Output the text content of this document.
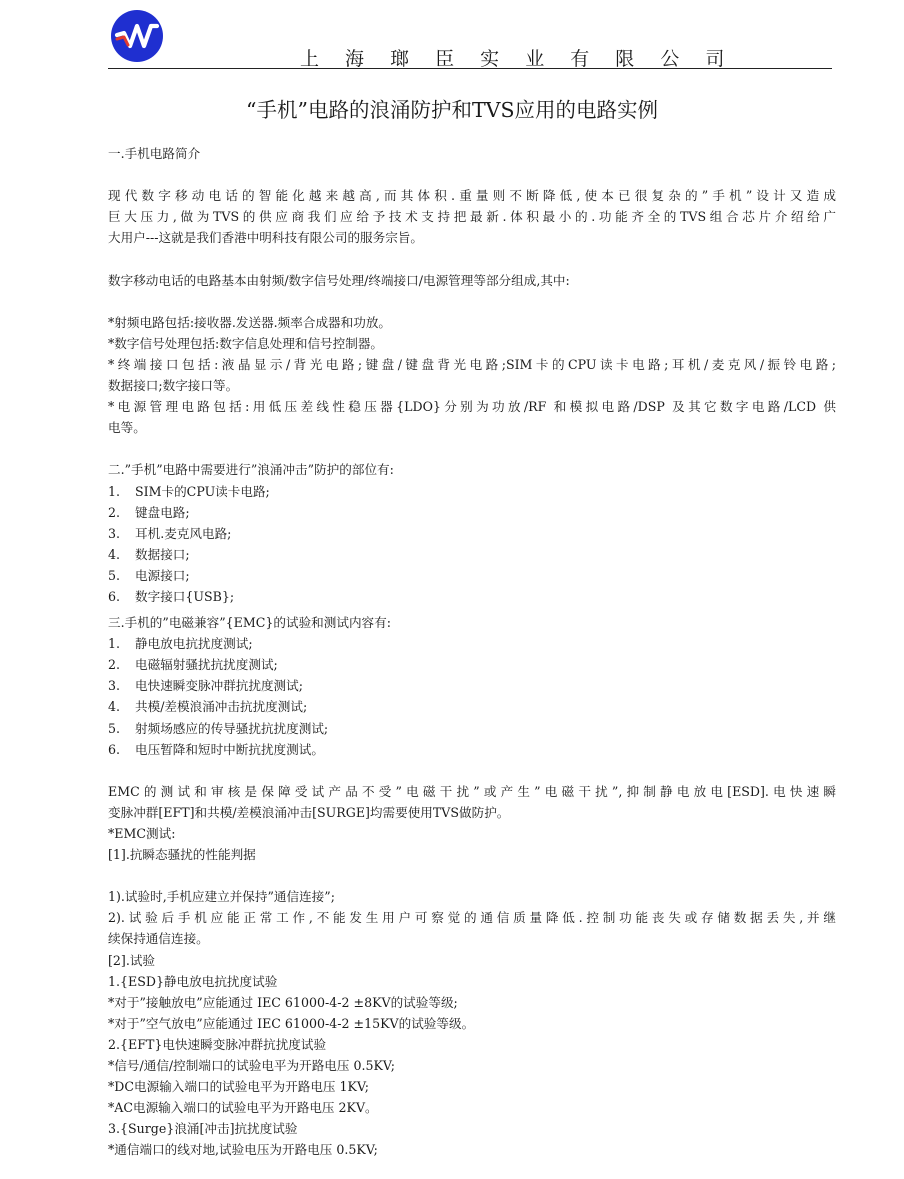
上 海 瑯 臣 实 业 有 限 公 司
“手机”电路的浪涌防护和TVS应用的电路实例
一.手机电路简介
现代数字移动电话的智能化越来越高,而其体积.重量则不断降低,使本已很复杂的”手机”设计又造成
巨大压力,做为TVS的供应商我们应给予技术支持把最新.体积最小的.功能齐全的TVS组合芯片介绍给广
大用户---这就是我们香港中明科技有限公司的服务宗旨。
数字移动电话的电路基本由射频/数字信号处理/终端接口/电源管理等部分组成,其中:
*射频电路包括:接收器.发送器.频率合成器和功放。
*数字信号处理包括:数字信息处理和信号控制器。
*终端接口包括:液晶显示/背光电路;键盘/键盘背光电路;SIM卡的CPU读卡电路;耳机/麦克风/振铃电路;
数据接口;数字接口等。
*电源管理电路包括:用低压差线性稳压器{LDO}分别为功放/RF 和模拟电路/DSP 及其它数字电路/LCD 供
电等。
二.”手机”电路中需要进行”浪涌冲击”防护的部位有:
1. SIM卡的CPU读卡电路;
2. 键盘电路;
3. 耳机.麦克风电路;
4. 数据接口;
5. 电源接口;
6. 数字接口{USB};
三.手机的”电磁兼容”{EMC}的试验和测试内容有:
1. 静电放电抗扰度测试;
2. 电磁辐射骚扰抗扰度测试;
3. 电快速瞬变脉冲群抗扰度测试;
4. 共模/差模浪涌冲击抗扰度测试;
5. 射频场感应的传导骚扰抗扰度测试;
6. 电压暂降和短时中断抗扰度测试。
EMC的测试和审核是保障受试产品不受”电磁干扰”或产生”电磁干扰”,抑制静电放电[ESD].电快速瞬
变脉冲群[EFT]和共模/差模浪涌冲击[SURGE]均需要使用TVS做防护。
*EMC测试:
[1].抗瞬态骚扰的性能判据
1).试验时,手机应建立并保持”通信连接”;
2).试验后手机应能正常工作,不能发生用户可察觉的通信质量降低.控制功能丧失或存储数据丢失,并继
续保持通信连接。
[2].试验
1.{ESD}静电放电抗扰度试验
*对于”接触放电”应能通过 IEC 61000-4-2 ±8KV的试验等级;
*对于”空气放电”应能通过 IEC 61000-4-2 ±15KV的试验等级。
2.{EFT}电快速瞬变脉冲群抗扰度试验
*信号/通信/控制端口的试验电平为开路电压 0.5KV;
*DC电源输入端口的试验电平为开路电压 1KV;
*AC电源输入端口的试验电平为开路电压 2KV。
3.{Surge}浪涌[冲击]抗扰度试验
*通信端口的线对地,试验电压为开路电压 0.5KV;
